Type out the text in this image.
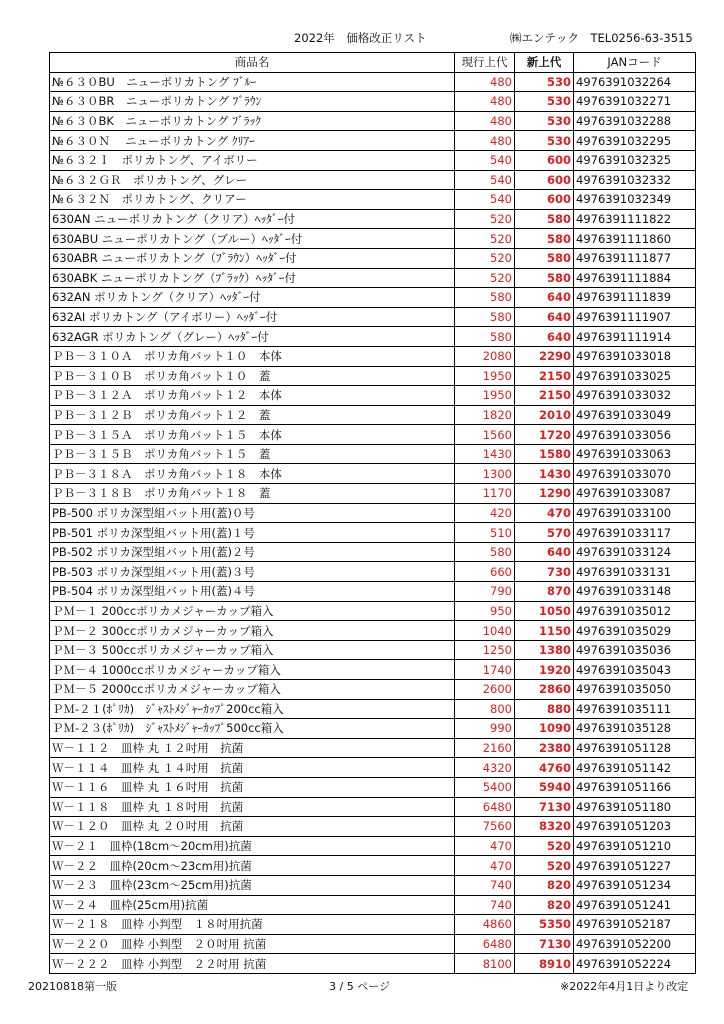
2022年　価格改正リスト	㈱エンテック　TEL0256-63-3515
商品名	現行上代	新上代	JANコード
№６３０BU　ニューポリカトング ﾌﾞﾙｰ	480	530	4976391032264
№６３０BR　ニューポリカトング ﾌﾞﾗｳﾝ	480	530	4976391032271
№６３０BK　ニューポリカトング ﾌﾞﾗｯｸ	480	530	4976391032288
№６３０Ｎ　 ニューポリカトング ｸﾘｱｰ	480	530	4976391032295
№６３２Ｉ　ポリカトング、アイボリー	540	600	4976391032325
№６３２ＧＲ　ポリカトング、グレー	540	600	4976391032332
№６３２Ｎ　ポリカトング、クリアー	540	600	4976391032349
630AN ニューポリカトング（クリア）ﾍｯﾀﾞｰ付	520	580	4976391111822
630ABU ニューポリカトング（ブルー）ﾍｯﾀﾞｰ付	520	580	4976391111860
630ABR ニューポリカトング（ﾌﾞﾗｳﾝ）ﾍｯﾀﾞｰ付	520	580	4976391111877
630ABK ニューポリカトング（ﾌﾞﾗｯｸ）ﾍｯﾀﾞｰ付	520	580	4976391111884
632AN ポリカトング（クリア）ﾍｯﾀﾞｰ付	580	640	4976391111839
632AI ポリカトング（アイボリー）ﾍｯﾀﾞｰ付	580	640	4976391111907
632AGR ポリカトング（グレー）ﾍｯﾀﾞｰ付	580	640	4976391111914
ＰＢ－３１０Ａ　ポリカ角バット１０　本体	2080	2290	4976391033018
ＰＢ－３１０Ｂ　ポリカ角バット１０　蓋	1950	2150	4976391033025
ＰＢ－３１２Ａ　ポリカ角バット１２　本体	1950	2150	4976391033032
ＰＢ－３１２Ｂ　ポリカ角バット１２　蓋	1820	2010	4976391033049
ＰＢ－３１５Ａ　ポリカ角バット１５　本体	1560	1720	4976391033056
ＰＢ－３１５Ｂ　ポリカ角バット１５　蓋	1430	1580	4976391033063
ＰＢ－３１８Ａ　ポリカ角バット１８　本体	1300	1430	4976391033070
ＰＢ－３１８Ｂ　ポリカ角バット１８　蓋	1170	1290	4976391033087
PB-500 ポリカ深型組バット用(蓋)０号	420	470	4976391033100
PB-501 ポリカ深型組バット用(蓋)１号	510	570	4976391033117
PB-502 ポリカ深型組バット用(蓋)２号	580	640	4976391033124
PB-503 ポリカ深型組バット用(蓋)３号	660	730	4976391033131
PB-504 ポリカ深型組バット用(蓋)４号	790	870	4976391033148
ＰＭ－１ 200ccポリカメジャーカップ箱入	950	1050	4976391035012
ＰＭ－２ 300ccポリカメジャーカップ箱入	1040	1150	4976391035029
ＰＭ－３ 500ccポリカメジャーカップ箱入	1250	1380	4976391035036
ＰＭ－４ 1000ccポリカメジャーカップ箱入	1740	1920	4976391035043
ＰＭ－５ 2000ccポリカメジャーカップ箱入	2600	2860	4976391035050
ＰＭ-２１(ﾎﾟﾘｶ)　ｼﾞｬｽﾄﾒｼﾞｬｰｶｯﾌﾟ200cc箱入	800	880	4976391035111
ＰＭ-２３(ﾎﾟﾘｶ)　ｼﾞｬｽﾄﾒｼﾞｬｰｶｯﾌﾟ500cc箱入	990	1090	4976391035128
Ｗ－１１２　皿枠 丸 １２吋用　抗菌	2160	2380	4976391051128
Ｗ－１１４　皿枠 丸 １４吋用　抗菌	4320	4760	4976391051142
Ｗ－１１６　皿枠 丸 １６吋用　抗菌	5400	5940	4976391051166
Ｗ－１１８　皿枠 丸 １８吋用　抗菌	6480	7130	4976391051180
Ｗ－１２０　皿枠 丸 ２０吋用　抗菌	7560	8320	4976391051203
Ｗ－２１　皿枠(18cm～20cm用)抗菌	470	520	4976391051210
Ｗ－２２　皿枠(20cm～23cm用)抗菌	470	520	4976391051227
Ｗ－２３　皿枠(23cm～25cm用)抗菌	740	820	4976391051234
Ｗ－２４　皿枠(25cm用)抗菌	740	820	4976391051241
Ｗ－２１８　皿枠 小判型　１８吋用抗菌	4860	5350	4976391052187
Ｗ－２２０　皿枠 小判型　２０吋用 抗菌	6480	7130	4976391052200
Ｗ－２２２　皿枠 小判型　２２吋用 抗菌	8100	8910	4976391052224
20210818第一版	3 / 5 ページ	※2022年4月1日より改定
